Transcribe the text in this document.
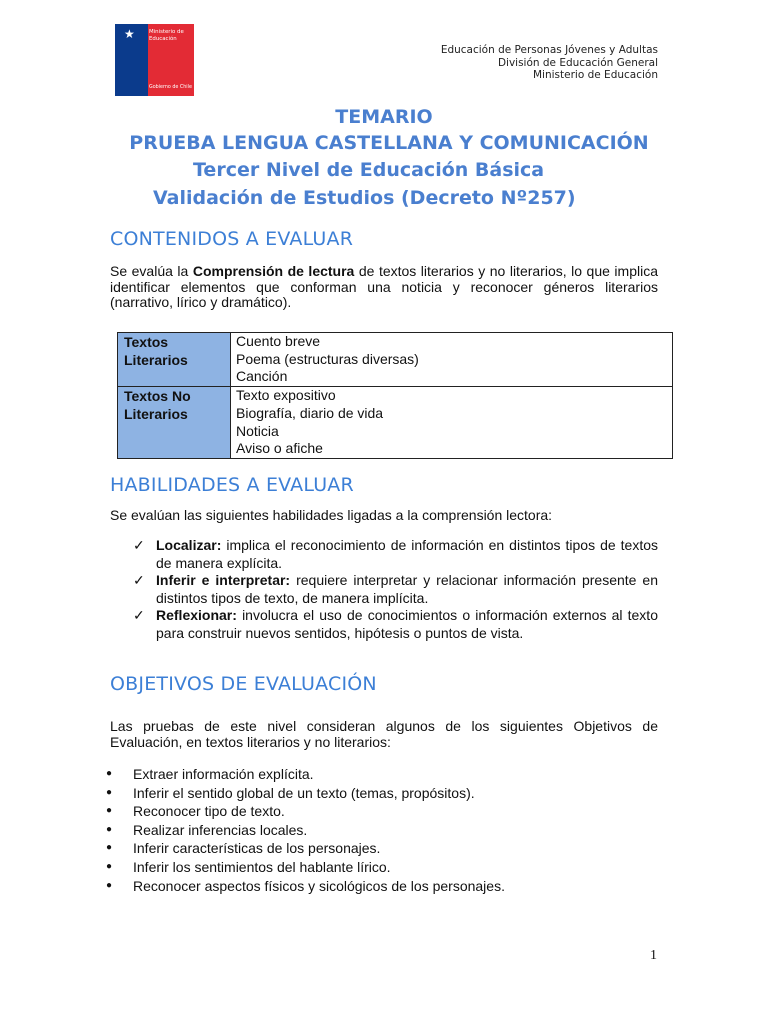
★	Ministerio de
Educación
Gobierno de Chile
Educación de Personas Jóvenes y Adultas
División de Educación General
Ministerio de Educación
TEMARIO
PRUEBA LENGUA CASTELLANA Y COMUNICACIÓN
Tercer Nivel de Educación Básica
Validación de Estudios (Decreto Nº257)
CONTENIDOS A EVALUAR
Se evalúa la Comprensión de lectura de textos literarios y no literarios, lo que implica identificar elementos que conforman una noticia y reconocer géneros literarios (narrativo, lírico y dramático).
Textos Literarios	Cuento breve
Poema (estructuras diversas)
Canción

Textos No Literarios	Texto expositivo
Biografía, diario de vida
Noticia
Aviso o afiche
HABILIDADES A EVALUAR
Se evalúan las siguientes habilidades ligadas a la comprensión lectora:
✓ Localizar: implica el reconocimiento de información en distintos tipos de textos de manera explícita.
✓ Inferir e interpretar: requiere interpretar y relacionar información presente en distintos tipos de texto, de manera implícita.
✓ Reflexionar: involucra el uso de conocimientos o información externos al texto para construir nuevos sentidos, hipótesis o puntos de vista.
OBJETIVOS DE EVALUACIÓN
Las pruebas de este nivel consideran algunos de los siguientes Objetivos de Evaluación, en textos literarios y no literarios:
● Extraer información explícita.
● Inferir el sentido global de un texto (temas, propósitos).
● Reconocer tipo de texto.
● Realizar inferencias locales.
● Inferir características de los personajes.
● Inferir los sentimientos del hablante lírico.
● Reconocer aspectos físicos y sicológicos de los personajes.
1
